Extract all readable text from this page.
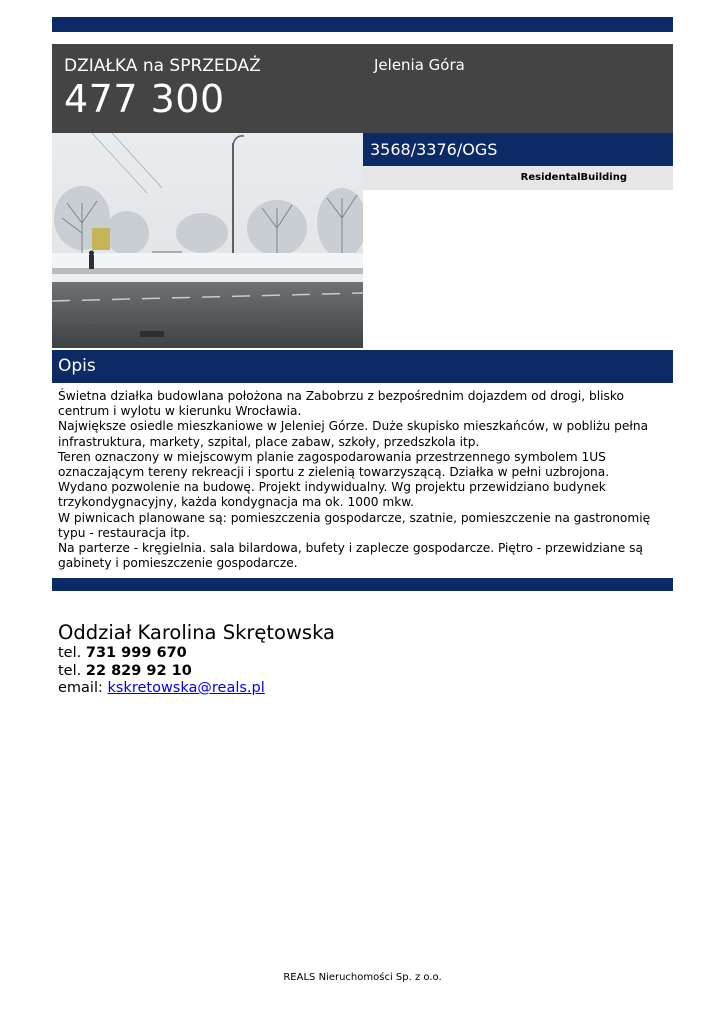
DZIAŁKA na SPRZEDAŻ
477 300
Jelenia Góra
3568/3376/OGS
ResidentalBuilding
Opis
Świetna działka budowlana położona na Zabobrzu z bezpośrednim dojazdem od drogi, blisko
centrum i wylotu w kierunku Wrocławia.
Największe osiedle mieszkaniowe w Jeleniej Górze. Duże skupisko mieszkańców, w pobliżu pełna
infrastruktura, markety, szpital, place zabaw, szkoły, przedszkola itp.
Teren oznaczony w miejscowym planie zagospodarowania przestrzennego symbolem 1US
oznaczającym tereny rekreacji i sportu z zielenią towarzyszącą. Działka w pełni uzbrojona.
Wydano pozwolenie na budowę. Projekt indywidualny. Wg projektu przewidziano budynek
trzykondygnacyjny, każda kondygnacja ma ok. 1000 mkw.
W piwnicach planowane są: pomieszczenia gospodarcze, szatnie, pomieszczenie na gastronomię
typu - restauracja itp.
Na parterze - kręgielnia. sala bilardowa, bufety i zaplecze gospodarcze. Piętro - przewidziane są
gabinety i pomieszczenie gospodarcze.
Oddział Karolina Skrętowska
tel. 731 999 670
tel. 22 829 92 10
email: kskretowska@reals.pl
REALS Nieruchomości Sp. z o.o.
